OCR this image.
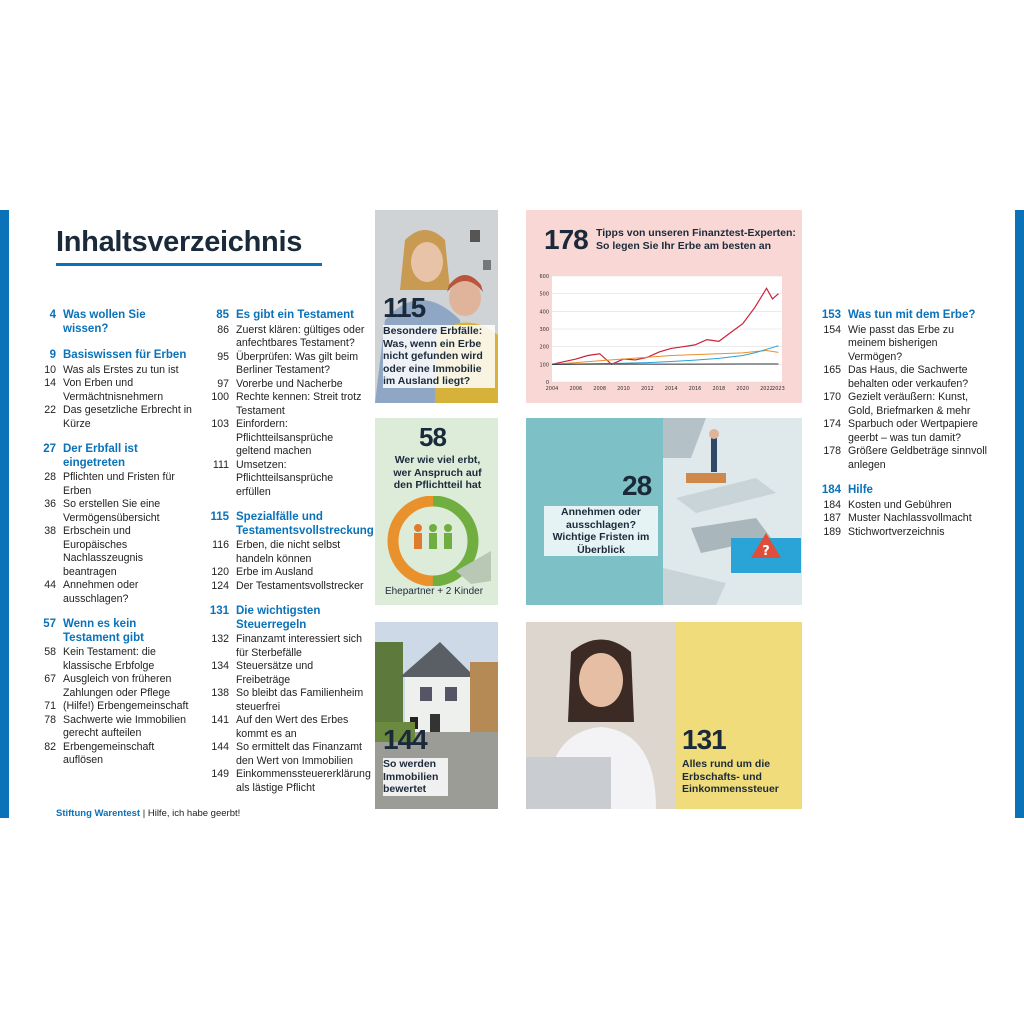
Inhaltsverzeichnis
4 Was wollen Sie wissen?
9 Basiswissen für Erben
10 Was als Erstes zu tun ist
14 Von Erben und Vermächtnisnehmern
22 Das gesetzliche Erbrecht in Kürze
27 Der Erbfall ist eingetreten
28 Pflichten und Fristen für Erben
36 So erstellen Sie eine Vermögensübersicht
38 Erbschein und Europäisches Nachlasszeugnis beantragen
44 Annehmen oder ausschlagen?
57 Wenn es kein Testament gibt
58 Kein Testament: die klassische Erbfolge
67 Ausgleich von früheren Zahlungen oder Pflege
71 (Hilfe!) Erbengemeinschaft
78 Sachwerte wie Immobilien gerecht aufteilen
82 Erbengemeinschaft auflösen
85 Es gibt ein Testament
86 Zuerst klären: gültiges oder anfechtbares Testament?
95 Überprüfen: Was gilt beim Berliner Testament?
97 Vorerbe und Nacherbe
100 Rechte kennen: Streit trotz Testament
103 Einfordern: Pflichtteilsansprüche geltend machen
111 Umsetzen: Pflichtteilsansprüche erfüllen
115 Spezialfälle und Testamentsvollstreckung
116 Erben, die nicht selbst handeln können
120 Erbe im Ausland
124 Der Testamentsvollstrecker
131 Die wichtigsten Steuerregeln
132 Finanzamt interessiert sich für Sterbefälle
134 Steuersätze und Freibeträge
138 So bleibt das Familienheim steuerfrei
141 Auf den Wert des Erbes kommt es an
144 So ermittelt das Finanzamt den Wert von Immobilien
149 Einkommenssteuererklärung als lästige Pflicht
153 Was tun mit dem Erbe?
154 Wie passt das Erbe zu meinem bisherigen Vermögen?
165 Das Haus, die Sachwerte behalten oder verkaufen?
170 Gezielt veräußern: Kunst, Gold, Briefmarken & mehr
174 Sparbuch oder Wertpapiere geerbt – was tun damit?
178 Größere Geldbeträge sinnvoll anlegen
184 Hilfe
184 Kosten und Gebühren
187 Muster Nachlassvollmacht
189 Stichwortverzeichnis
115
Besondere Erbfälle: Was, wenn ein Erbe nicht gefunden wird oder eine Immobilie im Ausland liegt?
178 Tipps von unseren Finanztest-Experten: So legen Sie Ihr Erbe am besten an
0
100
200
300
400
500
600
2004 2006 2008 2010 2012 2014 2016 2018 2020 2022 2023
58
Wer wie viel erbt, wer Anspruch auf den Pflichtteil hat
Ehepartner + 2 Kinder
?
28
Annehmen oder ausschlagen? Wichtige Fristen im Überblick
144
So werden Immobilien bewertet
131
Alles rund um die Erbschafts- und Einkommenssteuer
Stiftung Warentest | Hilfe, ich habe geerbt!
